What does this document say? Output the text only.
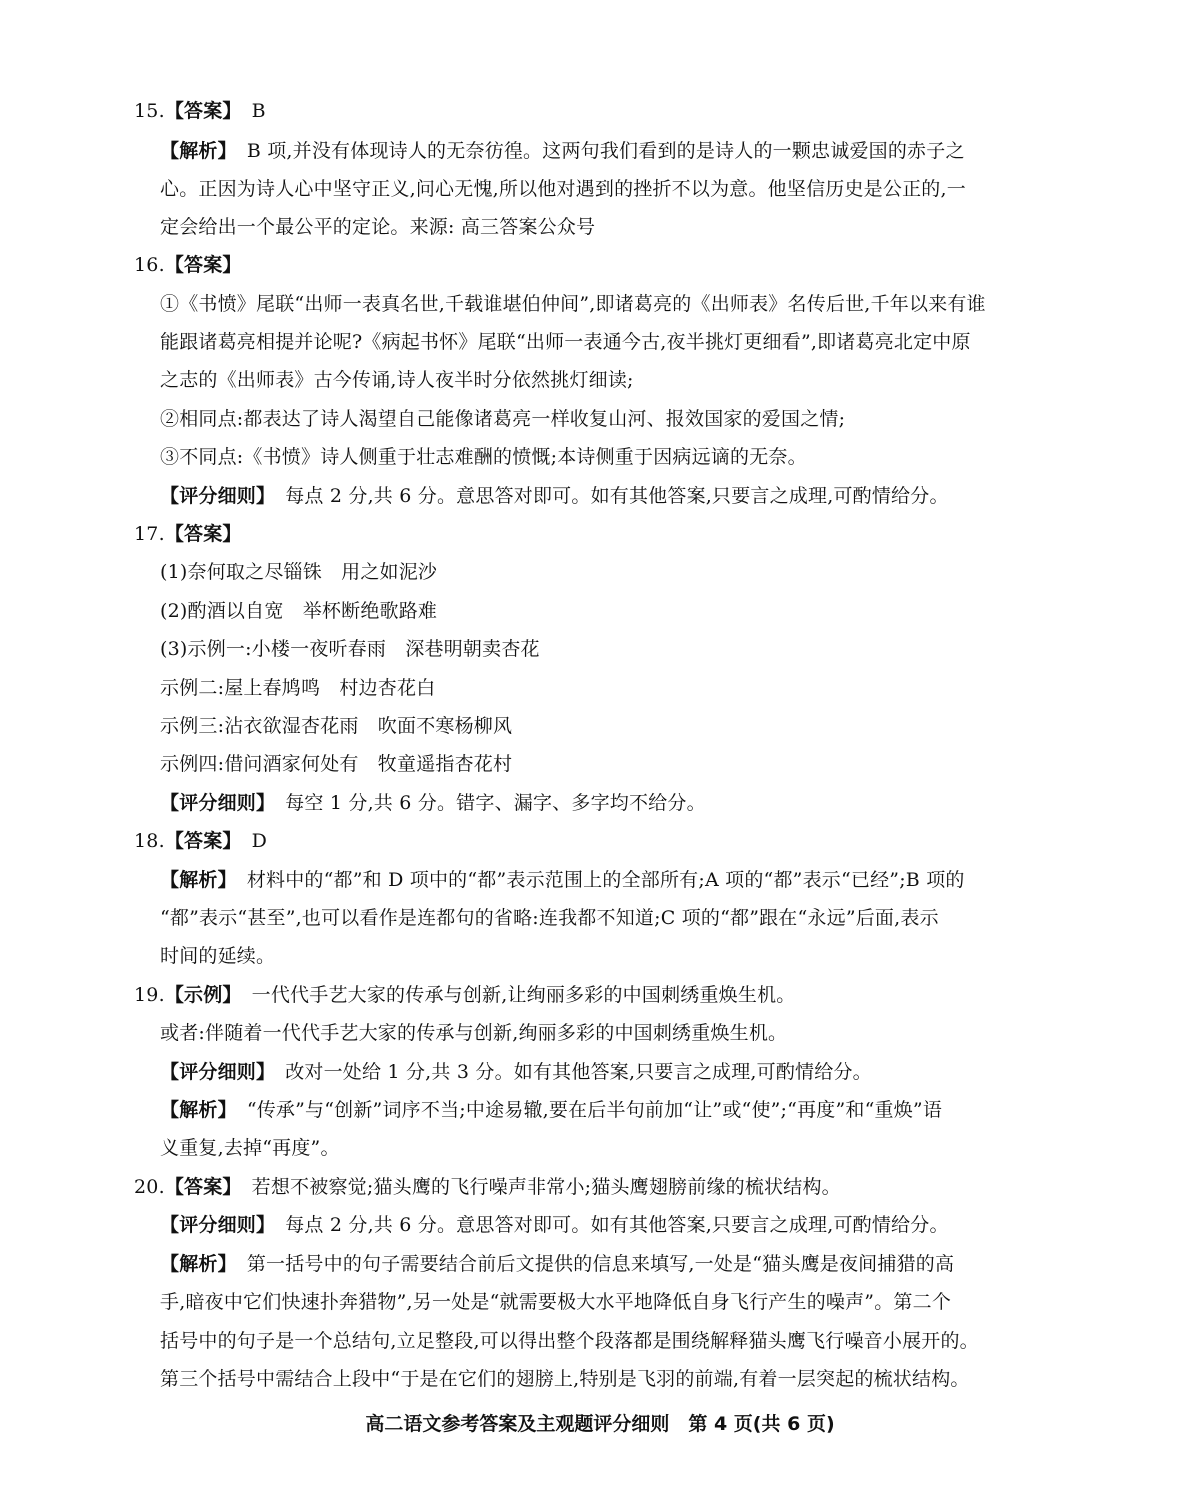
15.【答案】 B
【解析】 B 项,并没有体现诗人的无奈彷徨。这两句我们看到的是诗人的一颗忠诚爱国的赤子之
心。正因为诗人心中坚守正义,问心无愧,所以他对遇到的挫折不以为意。他坚信历史是公正的,一
定会给出一个最公平的定论。来源: 高三答案公众号
16.【答案】
①《书愤》尾联“出师一表真名世,千载谁堪伯仲间”,即诸葛亮的《出师表》名传后世,千年以来有谁
能跟诸葛亮相提并论呢?《病起书怀》尾联“出师一表通今古,夜半挑灯更细看”,即诸葛亮北定中原
之志的《出师表》古今传诵,诗人夜半时分依然挑灯细读;
②相同点:都表达了诗人渴望自己能像诸葛亮一样收复山河、报效国家的爱国之情;
③不同点:《书愤》诗人侧重于壮志难酬的愤慨;本诗侧重于因病远谪的无奈。
【评分细则】 每点 2 分,共 6 分。意思答对即可。如有其他答案,只要言之成理,可酌情给分。
17.【答案】
(1)奈何取之尽锱铢　用之如泥沙
(2)酌酒以自宽　举杯断绝歌路难
(3)示例一:小楼一夜听春雨　深巷明朝卖杏花
示例二:屋上春鸠鸣　村边杏花白
示例三:沾衣欲湿杏花雨　吹面不寒杨柳风
示例四:借问酒家何处有　牧童遥指杏花村
【评分细则】 每空 1 分,共 6 分。错字、漏字、多字均不给分。
18.【答案】 D
【解析】 材料中的“都”和 D 项中的“都”表示范围上的全部所有;A 项的“都”表示“已经”;B 项的
“都”表示“甚至”,也可以看作是连都句的省略:连我都不知道;C 项的“都”跟在“永远”后面,表示
时间的延续。
19.【示例】 一代代手艺大家的传承与创新,让绚丽多彩的中国刺绣重焕生机。
或者:伴随着一代代手艺大家的传承与创新,绚丽多彩的中国刺绣重焕生机。
【评分细则】 改对一处给 1 分,共 3 分。如有其他答案,只要言之成理,可酌情给分。
【解析】 “传承”与“创新”词序不当;中途易辙,要在后半句前加“让”或“使”;“再度”和“重焕”语
义重复,去掉“再度”。
20.【答案】 若想不被察觉;猫头鹰的飞行噪声非常小;猫头鹰翅膀前缘的梳状结构。
【评分细则】 每点 2 分,共 6 分。意思答对即可。如有其他答案,只要言之成理,可酌情给分。
【解析】 第一括号中的句子需要结合前后文提供的信息来填写,一处是“猫头鹰是夜间捕猎的高
手,暗夜中它们快速扑奔猎物”,另一处是“就需要极大水平地降低自身飞行产生的噪声”。第二个
括号中的句子是一个总结句,立足整段,可以得出整个段落都是围绕解释猫头鹰飞行噪音小展开的。
第三个括号中需结合上段中“于是在它们的翅膀上,特别是飞羽的前端,有着一层突起的梳状结构。
高二语文参考答案及主观题评分细则　第 4 页(共 6 页)
